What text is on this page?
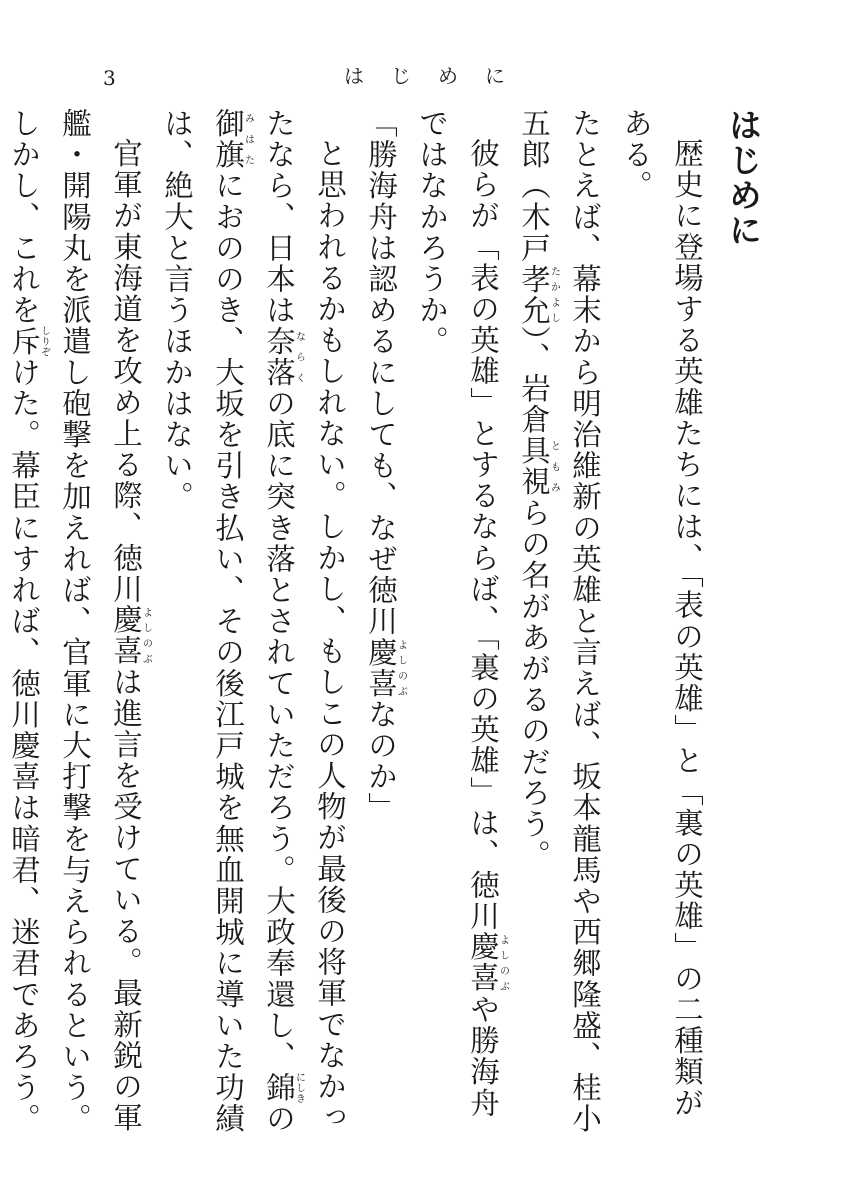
3	はじめに
はじめに

歴史に登場する英雄たちには、「表の英雄」と「裏の英雄」の二種類がある。

たとえば、幕末から明治維新の英雄と言えば、坂本龍馬や西郷隆盛、桂小五郎（木戸孝允たかよし）、岩倉具視ともみらの名があがるのだろう。

彼らが「表の英雄」とするならば、「裏の英雄」は、徳川慶喜よしのぶや勝海舟ではなかろうか。

「勝海舟は認めるにしても、なぜ徳川慶喜よしのぶなのか」

と思われるかもしれない。しかし、もしこの人物が最後の将軍でなかったなら、日本は奈落ならくの底に突き落とされていただろう。大政奉還し、錦にしきの御旗みはたにおののき、大坂を引き払い、その後江戸城を無血開城に導いた功績は、絶大と言うほかはない。

官軍が東海道を攻め上る際、徳川慶喜よしのぶは進言を受けている。最新鋭の軍艦・開陽丸を派遣し砲撃を加えれば、官軍に大打撃を与えられるという。しかし、これを斥しりぞけた。幕臣にすれば、徳川慶喜は暗君、迷君であろう。
